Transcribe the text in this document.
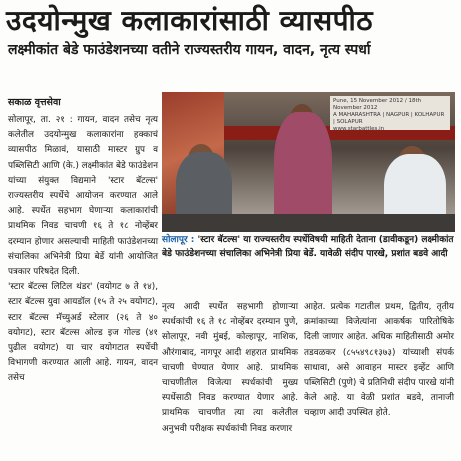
उदयोन्मुख कलाकारांसाठी व्यासपीठ
लक्ष्मीकांत बेडे फाउंडेशनच्या वतीने राज्यस्तरीय गायन, वादन, नृत्य स्पर्धा
सकाळ वृत्तसेवा
सोलापूर, ता. २१ : गायन, वादन तसेच नृत्य कलेतील उदयोन्मुख कलाकारांना हक्काचं व्यासपीठ मिळावं, यासाठी मास्टर ग्रुप व पब्लिसिटी आणि (के.) लक्ष्मीकांत बेडे फाउंडेशन यांच्या संयुक्त विद्यमाने 'स्टार बॅटल्स' राज्यस्तरीय स्पर्धेचे आयोजन करण्यात आले आहे. स्पर्धेत सहभाग घेणाऱ्या कलाकारांची प्राथमिक निवड चाचणी १६ ते १८ नोव्हेंबर दरम्यान होणार असल्याची माहिती फाउंडेशनच्या संचालिका अभिनेत्री प्रिया बेर्डे यांनी आयोजित पत्रकार परिषदेत दिली.
'स्टार बॅटल्स लिटिल थंडर' (वयोगट ७ ते १४), स्टार बॅटल्स युवा आयडॉल (१५ ते २५ वयोगट), स्टार बॅटल्स मॅच्युअर्ड स्टेलार (२६ ते ४० वयोगट), स्टार बॅटल्स ओल्ड इज गोल्ड (४१ पुढील वयोगट) या चार वयोगटात स्पर्धेची विभागणी करण्यात आली आहे. गायन, वादन तसेच
Pune, 15 November 2012 / 18th November 2012
A MAHARASHTRA | NAGPUR | KOLHAPUR | SOLAPUR
www.starbattles.in
सोलापूर : 'स्टार बॅटल्स' या राज्यस्तरीय स्पर्धेविषयी माहिती देताना (डावीकडून) लक्ष्मीकांत बेडे फाउंडेशनच्या संचालिका अभिनेत्री प्रिया बेर्डे. यावेळी संदीप पारखे, प्रशांत बडवे आदी
नृत्य आदी स्पर्धेत सहभागी होणाऱ्या स्पर्धकांची १६ ते १८ नोव्हेंबर दरम्यान पुणे, सोलापूर, नवी मुंबई, कोल्हापूर, नाशिक, औरंगाबाद, नागपूर आदी शहरात प्राथमिक चाचणी घेण्यात येणार आहे. प्राथमिक चाचणीतील विजेत्या स्पर्धकांची मुख्य स्पर्धेसाठी निवड करण्यात येणार आहे. प्राथमिक चाचणीत त्या त्या कलेतील अनुभवी परीक्षक स्पर्धकांची निवड करणार
आहेत. प्रत्येक गटातील प्रथम, द्वितीय, तृतीय क्रमांकाच्या विजेत्यांना आकर्षक पारितोषिके दिली जाणार आहेत. अधिक माहितीसाठी अमोर तडवळकर (८५५४९८१३७३) यांच्याशी संपर्क साधावा, असे आवाहन मास्टर इव्हेंट आणि पब्लिसिटी (पुणे) चे प्रतिनिधी संदीप पारखे यांनी केले आहे. या वेळी प्रशांत बडवे, तानाजी चव्हाण आदी उपस्थित होते.
